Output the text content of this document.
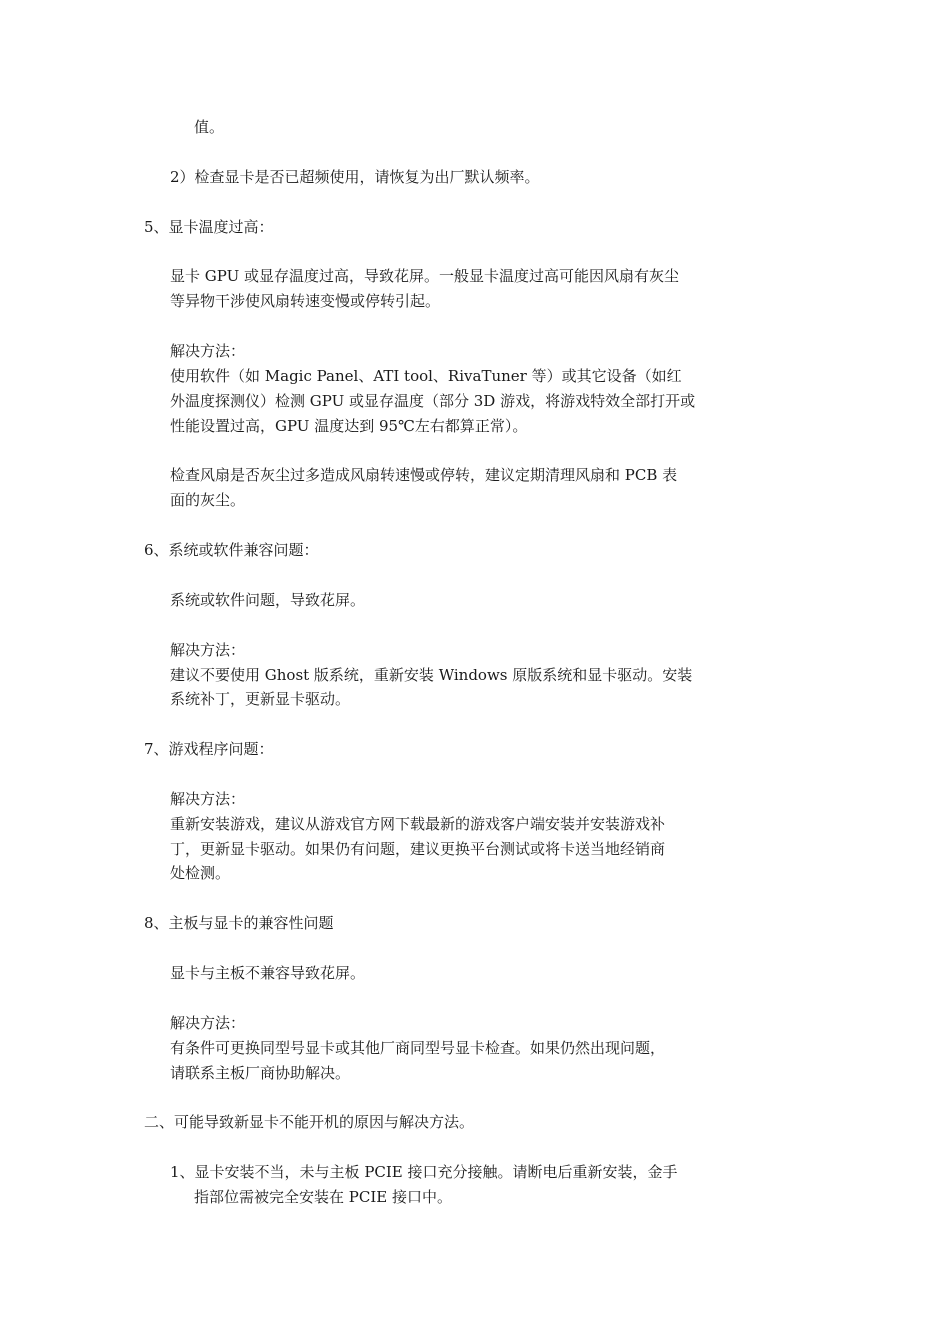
值。
2）检查显卡是否已超频使用，请恢复为出厂默认频率。
5、显卡温度过高：
显卡 GPU 或显存温度过高，导致花屏。一般显卡温度过高可能因风扇有灰尘
等异物干涉使风扇转速变慢或停转引起。
解决方法：
使用软件（如 Magic Panel、ATI tool、RivaTuner 等）或其它设备（如红
外温度探测仪）检测 GPU 或显存温度（部分 3D 游戏，将游戏特效全部打开或
性能设置过高，GPU 温度达到 95℃左右都算正常）。
检查风扇是否灰尘过多造成风扇转速慢或停转，建议定期清理风扇和 PCB 表
面的灰尘。
6、系统或软件兼容问题：
系统或软件问题，导致花屏。
解决方法：
建议不要使用 Ghost 版系统，重新安装 Windows 原版系统和显卡驱动。安装
系统补丁，更新显卡驱动。
7、游戏程序问题：
解决方法：
重新安装游戏，建议从游戏官方网下载最新的游戏客户端安装并安装游戏补
丁，更新显卡驱动。如果仍有问题，建议更换平台测试或将卡送当地经销商
处检测。
8、主板与显卡的兼容性问题
显卡与主板不兼容导致花屏。
解决方法：
有条件可更换同型号显卡或其他厂商同型号显卡检查。如果仍然出现问题，
请联系主板厂商协助解决。
二、可能导致新显卡不能开机的原因与解决方法。
1、显卡安装不当，未与主板 PCIE 接口充分接触。请断电后重新安装，金手
指部位需被完全安装在 PCIE 接口中。
